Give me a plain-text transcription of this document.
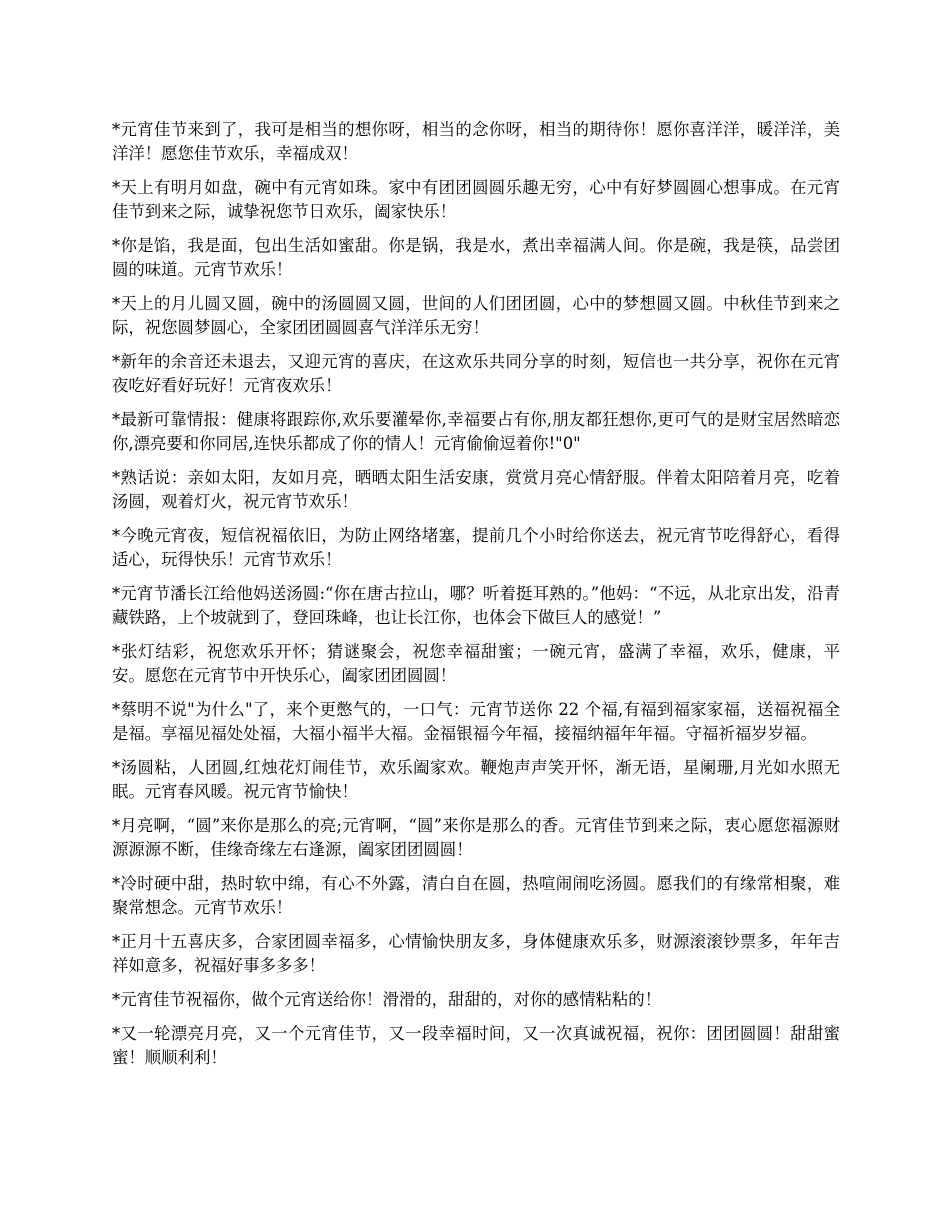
*元宵佳节来到了，我可是相当的想你呀，相当的念你呀，相当的期待你！愿你喜洋洋，暖洋洋，美洋洋！愿您佳节欢乐，幸福成双！

*天上有明月如盘，碗中有元宵如珠。家中有团团圆圆乐趣无穷，心中有好梦圆圆心想事成。在元宵佳节到来之际，诚挚祝您节日欢乐，阖家快乐！

*你是馅，我是面，包出生活如蜜甜。你是锅，我是水，煮出幸福满人间。你是碗，我是筷，品尝团圆的味道。元宵节欢乐！

*天上的月儿圆又圆，碗中的汤圆圆又圆，世间的人们团团圆，心中的梦想圆又圆。中秋佳节到来之际，祝您圆梦圆心，全家团团圆圆喜气洋洋乐无穷！

*新年的余音还未退去，又迎元宵的喜庆，在这欢乐共同分享的时刻，短信也一共分享，祝你在元宵夜吃好看好玩好！元宵夜欢乐！

*最新可靠情报：健康将跟踪你,欢乐要灌晕你,幸福要占有你,朋友都狂想你,更可气的是财宝居然暗恋你,漂亮要和你同居,连快乐都成了你的情人！元宵偷偷逗着你!"0"

*熟话说：亲如太阳，友如月亮，晒晒太阳生活安康，赏赏月亮心情舒服。伴着太阳陪着月亮，吃着汤圆，观着灯火，祝元宵节欢乐！

*今晚元宵夜，短信祝福依旧，为防止网络堵塞，提前几个小时给你送去，祝元宵节吃得舒心，看得适心，玩得快乐！元宵节欢乐！

*元宵节潘长江给他妈送汤圆:“你在唐古拉山，哪？听着挺耳熟的。”他妈：“不远，从北京出发，沿青藏铁路，上个坡就到了，登回珠峰，也让长江你，也体会下做巨人的感觉！”

*张灯结彩，祝您欢乐开怀；猜谜聚会，祝您幸福甜蜜；一碗元宵，盛满了幸福，欢乐，健康，平安。愿您在元宵节中开快乐心，阖家团团圆圆！

*蔡明不说"为什么"了，来个更憋气的，一口气：元宵节送你 22 个福,有福到福家家福，送福祝福全是福。享福见福处处福，大福小福半大福。金福银福今年福，接福纳福年年福。守福祈福岁岁福。

*汤圆粘，人团圆,红烛花灯闹佳节，欢乐阖家欢。鞭炮声声笑开怀，渐无语，星阑珊,月光如水照无眠。元宵春风暖。祝元宵节愉快！

*月亮啊，“圆”来你是那么的亮;元宵啊，“圆”来你是那么的香。元宵佳节到来之际，衷心愿您福源财源源源不断，佳缘奇缘左右逢源，阖家团团圆圆！

*冷时硬中甜，热时软中绵，有心不外露，清白自在圆，热喧闹闹吃汤圆。愿我们的有缘常相聚，难聚常想念。元宵节欢乐！

*正月十五喜庆多，合家团圆幸福多，心情愉快朋友多，身体健康欢乐多，财源滚滚钞票多，年年吉祥如意多，祝福好事多多多！

*元宵佳节祝福你，做个元宵送给你！滑滑的，甜甜的，对你的感情粘粘的！

*又一轮漂亮月亮，又一个元宵佳节，又一段幸福时间，又一次真诚祝福，祝你：团团圆圆！甜甜蜜蜜！顺顺利利！
